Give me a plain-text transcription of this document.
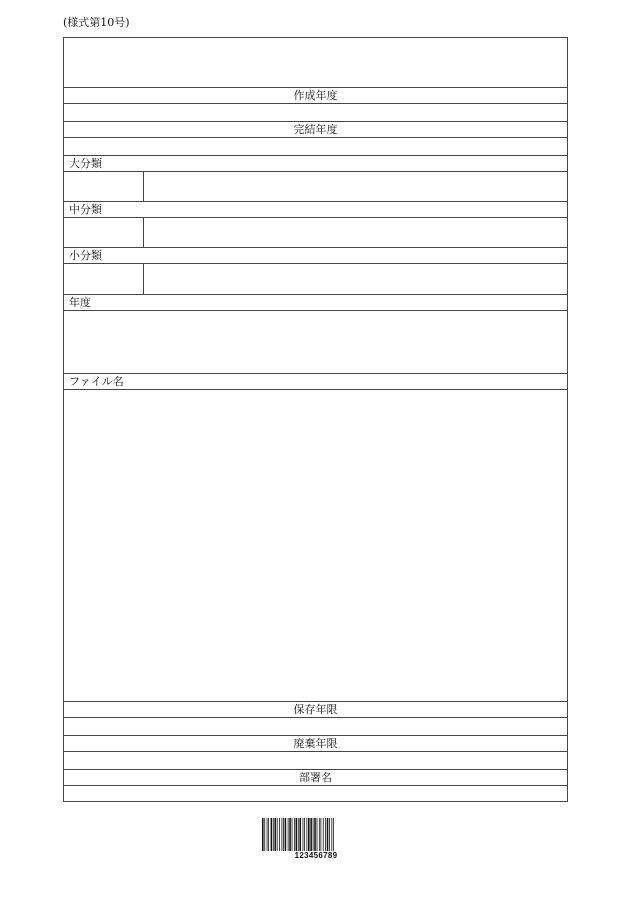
(様式第10号)
作成年度
完結年度
大分類
中分類
小分類
年度
ファイル名
保存年限
廃棄年限
部署名
123456789
